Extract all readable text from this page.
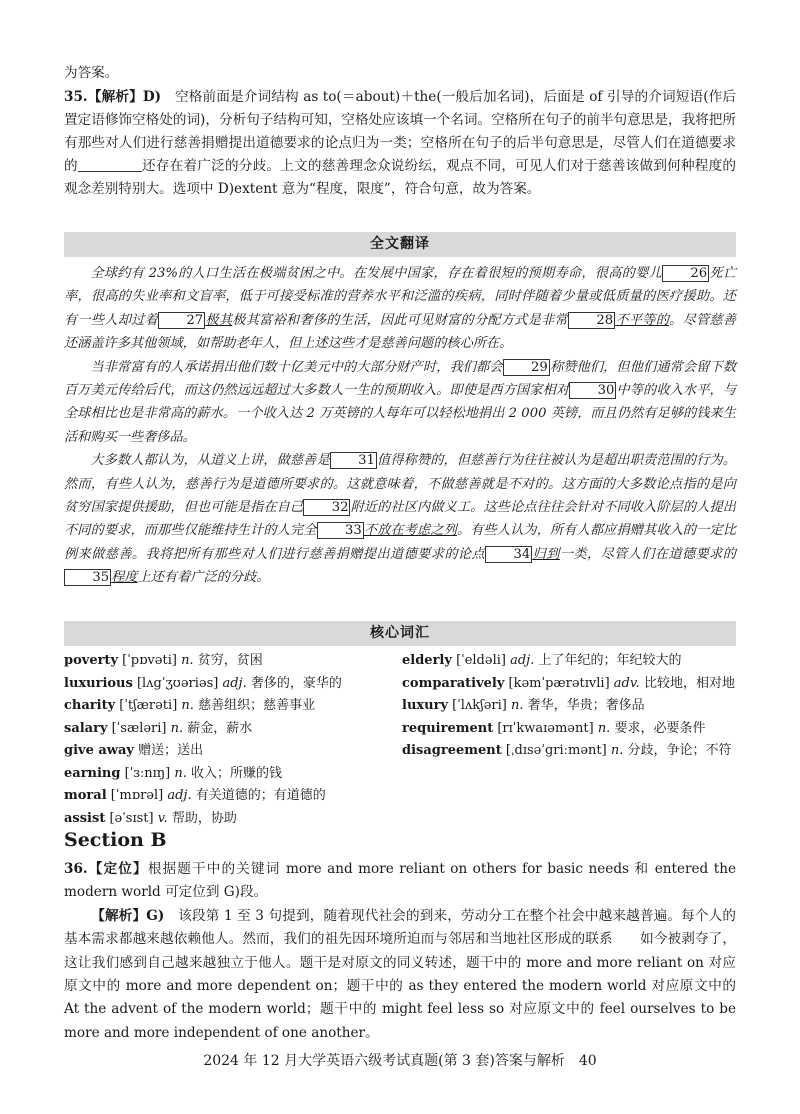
为答案。

35.【解析】D)　 空格前面是介词结构 as to(＝about)＋the(一般后加名词)，后面是 of 引导的介词短语(作后置定语修饰空格处的词)，分析句子结构可知，空格处应该填一个名词。空格所在句子的前半句意思是，我将把所有那些对人们进行慈善捐赠提出道德要求的论点归为一类；空格所在句子的后半句意思是，尽管人们在道德要求的	还存在着广泛的分歧。上文的慈善理念众说纷纭，观点不同，可见人们对于慈善该做到何种程度的观念差别特别大。选项中 D)extent 意为“程度，限度”，符合句意，故为答案。

全文翻译

全球约有 23%的人口生活在极端贫困之中。在发展中国家，存在着很短的预期寿命，很高的婴儿 26 死亡率，很高的失业率和文盲率，低于可接受标准的营养水平和泛滥的疾病，同时伴随着少量或低质量的医疗援助。还有一些人却过着 27 极其极其富裕和奢侈的生活，因此可见财富的分配方式是非常 28 不平等的。尽管慈善还涵盖许多其他领域，如帮助老年人，但上述这些才是慈善问题的核心所在。

当非常富有的人承诺捐出他们数十亿美元中的大部分财产时，我们都会 29 称赞他们，但他们通常会留下数百万美元传给后代，而这仍然远远超过大多数人一生的预期收入。即使是西方国家相对 30 中等的收入水平，与全球相比也是非常高的薪水。一个收入达 2 万英镑的人每年可以轻松地捐出 2 000 英镑，而且仍然有足够的钱来生活和购买一些奢侈品。

大多数人都认为，从道义上讲，做慈善是 31 值得称赞的，但慈善行为往往被认为是超出职责范围的行为。然而，有些人认为，慈善行为是道德所要求的。这就意味着，不做慈善就是不对的。这方面的大多数论点指的是向贫穷国家提供援助，但也可能是指在自己 32 附近的社区内做义工。这些论点往往会针对不同收入阶层的人提出不同的要求，而那些仅能维持生计的人完全 33 不放在考虑之列。有些人认为，所有人都应捐赠其收入的一定比例来做慈善。我将把所有那些对人们进行慈善捐赠提出道德要求的论点 34 归到一类，尽管人们在道德要求的35 程度上还有着广泛的分歧。

核心词汇
poverty [ˈpɒvəti] n. 贫穷，贫困
luxurious [lʌgˈʒʊəriəs] adj. 奢侈的，豪华的
charity [ˈtʃærəti] n. 慈善组织；慈善事业
salary [ˈsæləri] n. 薪金，薪水
give away 赠送；送出
earning [ˈɜːnɪŋ] n. 收入；所赚的钱
moral [ˈmɒrəl] adj. 有关道德的；有道德的
assist [əˈsɪst] v. 帮助，协助
elderly [ˈeldəli] adj. 上了年纪的；年纪较大的
comparatively [kəmˈpærətɪvli] adv. 比较地，相对地
luxury [ˈlʌkʃəri] n. 奢华，华贵；奢侈品
requirement [rɪˈkwaɪəmənt] n. 要求，必要条件
disagreement [ˌdɪsəˈgriːmənt] n. 分歧，争论；不符
Section B

36.【定位】根据题干中的关键词 more and more reliant on others for basic needs 和 entered the modern world 可定位到 G)段。

【解析】G)　 该段第 1 至 3 句提到，随着现代社会的到来，劳动分工在整个社会中越来越普遍。每个人的基本需求都越来越依赖他人。然而，我们的祖先因环境所迫而与邻居和当地社区形成的联系　　如今被剥夺了，这让我们感到自己越来越独立于他人。题干是对原文的同义转述，题干中的 more and more reliant on 对应原文中的 more and more dependent on；题干中的 as they entered the modern world 对应原文中的 At the advent of the modern world；题干中的 might feel less so 对应原文中的 feel ourselves to be more and more independent of one another。

2024 年 12 月大学英语六级考试真题(第 3 套)答案与解析　40
